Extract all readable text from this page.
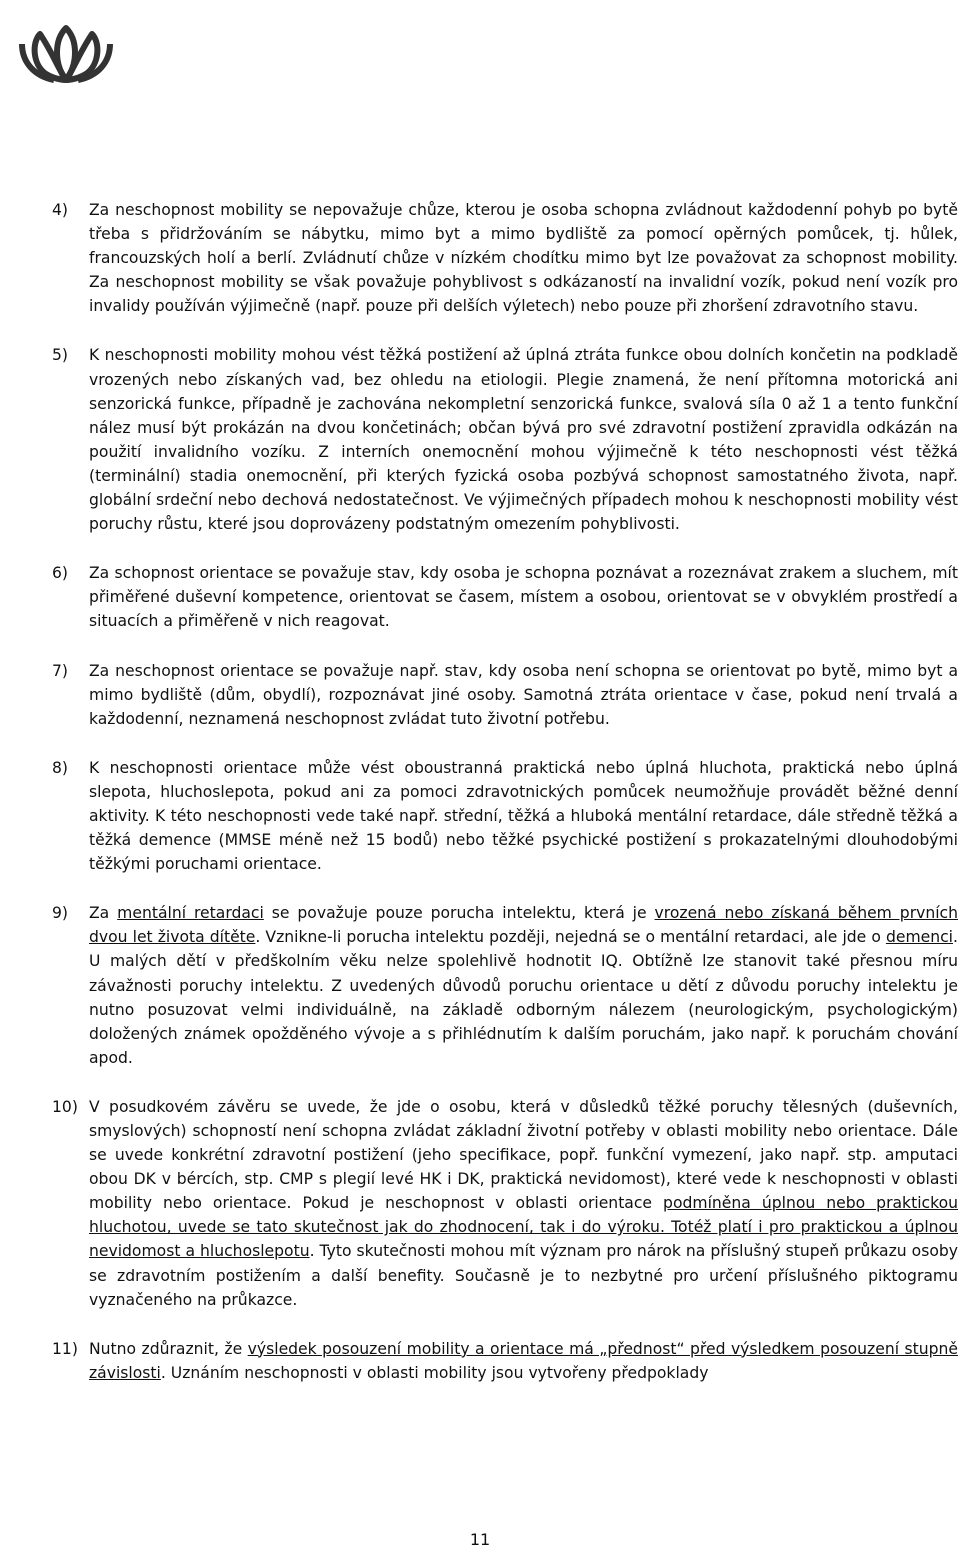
4)	Za neschopnost mobility se nepovažuje chůze, kterou je osoba schopna zvládnout každodenní pohyb po bytě třeba s přidržováním se nábytku, mimo byt a mimo bydliště za pomocí opěrných pomůcek, tj. hůlek, francouzských holí a berlí. Zvládnutí chůze v nízkém chodítku mimo byt lze považovat za schopnost mobility. Za neschopnost mobility se však považuje pohyblivost s odkázaností na invalidní vozík, pokud není vozík pro invalidy používán výjimečně (např. pouze při delších výletech) nebo pouze při zhoršení zdravotního stavu.
5)	K neschopnosti mobility mohou vést těžká postižení až úplná ztráta funkce obou dolních končetin na podkladě vrozených nebo získaných vad, bez ohledu na etiologii. Plegie znamená, že není přítomna motorická ani senzorická funkce, případně je zachována nekompletní senzorická funkce, svalová síla 0 až 1 a tento funkční nález musí být prokázán na dvou končetinách; občan bývá pro své zdravotní postižení zpravidla odkázán na použití invalidního vozíku. Z interních onemocnění mohou výjimečně k této neschopnosti vést těžká (terminální) stadia onemocnění, při kterých fyzická osoba pozbývá schopnost samostatného života, např. globální srdeční nebo dechová nedostatečnost. Ve výjimečných případech mohou k neschopnosti mobility vést poruchy růstu, které jsou doprovázeny podstatným omezením pohyblivosti.
6)	Za schopnost orientace se považuje stav, kdy osoba je schopna poznávat a rozeznávat zrakem a sluchem, mít přiměřené duševní kompetence, orientovat se časem, místem a osobou, orientovat se v obvyklém prostředí a situacích a přiměřeně v nich reagovat.
7)	Za neschopnost orientace se považuje např. stav, kdy osoba není schopna se orientovat po bytě, mimo byt a mimo bydliště (dům, obydlí), rozpoznávat jiné osoby. Samotná ztráta orientace v čase, pokud není trvalá a každodenní, neznamená neschopnost zvládat tuto životní potřebu.
8)	K neschopnosti orientace může vést oboustranná praktická nebo úplná hluchota, praktická nebo úplná slepota, hluchoslepota, pokud ani za pomoci zdravotnických pomůcek neumožňuje provádět běžné denní aktivity. K této neschopnosti vede také např. střední, těžká a hluboká mentální retardace, dále středně těžká a těžká demence (MMSE méně než 15 bodů) nebo těžké psychické postižení s prokazatelnými dlouhodobými těžkými poruchami orientace.
9)	Za mentální retardaci se považuje pouze porucha intelektu, která je vrozená nebo získaná během prvních dvou let života dítěte. Vznikne-li porucha intelektu později, nejedná se o mentální retardaci, ale jde o demenci. U malých dětí v předškolním věku nelze spolehlivě hodnotit IQ. Obtížně lze stanovit také přesnou míru závažnosti poruchy intelektu. Z uvedených důvodů poruchu orientace u dětí z důvodu poruchy intelektu je nutno posuzovat velmi individuálně, na základě odborným nálezem (neurologickým, psychologickým) doložených známek opožděného vývoje a s přihlédnutím k dalším poruchám, jako např. k poruchám chování apod.
10) V posudkovém závěru se uvede, že jde o osobu, která v důsledků těžké poruchy tělesných (duševních, smyslových) schopností není schopna zvládat základní životní potřeby v oblasti mobility nebo orientace. Dále se uvede konkrétní zdravotní postižení (jeho specifikace, popř. funkční vymezení, jako např. stp. amputaci obou DK v bércích, stp. CMP s plegií levé HK i DK, praktická nevidomost), které vede k neschopnosti v oblasti mobility nebo orientace. Pokud je neschopnost v oblasti orientace podmíněna úplnou nebo praktickou hluchotou, uvede se tato skutečnost jak do zhodnocení, tak i do výroku. Totéž platí i pro praktickou a úplnou nevidomost a hluchoslepotu. Tyto skutečnosti mohou mít význam pro nárok na příslušný stupeň průkazu osoby se zdravotním postižením a další benefity. Současně je to nezbytné pro určení příslušného piktogramu vyznačeného na průkazce.
11) Nutno zdůraznit, že výsledek posouzení mobility a orientace má „přednost“ před výsledkem posouzení stupně závislosti. Uznáním neschopnosti v oblasti mobility jsou vytvořeny předpoklady
11
